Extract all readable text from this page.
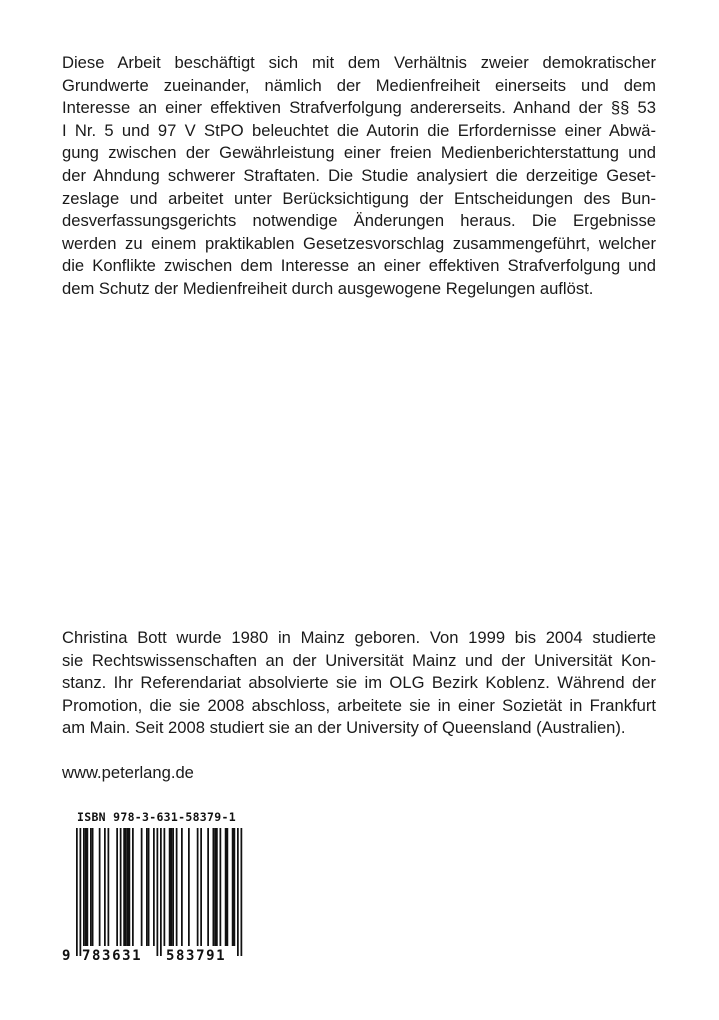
Diese Arbeit beschäftigt sich mit dem Verhältnis zweier demokratischer
Grundwerte zueinander, nämlich der Medienfreiheit einerseits und dem
Interesse an einer effektiven Strafverfolgung andererseits. Anhand der §§ 53
I Nr. 5 und 97 V StPO beleuchtet die Autorin die Erfordernisse einer Abwä-
gung zwischen der Gewährleistung einer freien Medienberichterstattung und
der Ahndung schwerer Straftaten. Die Studie analysiert die derzeitige Geset-
zeslage und arbeitet unter Berücksichtigung der Entscheidungen des Bun-
desverfassungsgerichts notwendige Änderungen heraus. Die Ergebnisse
werden zu einem praktikablen Gesetzesvorschlag zusammengeführt, welcher
die Konflikte zwischen dem Interesse an einer effektiven Strafverfolgung und
dem Schutz der Medienfreiheit durch ausgewogene Regelungen auflöst.
Christina Bott wurde 1980 in Mainz geboren. Von 1999 bis 2004 studierte
sie Rechtswissenschaften an der Universität Mainz und der Universität Kon-
stanz. Ihr Referendariat absolvierte sie im OLG Bezirk Koblenz. Während der
Promotion, die sie 2008 abschloss, arbeitete sie in einer Sozietät in Frankfurt
am Main. Seit 2008 studiert sie an der University of Queensland (Australien).
www.peterlang.de
ISBN 978-3-631-58379-1
9 783631 583791
